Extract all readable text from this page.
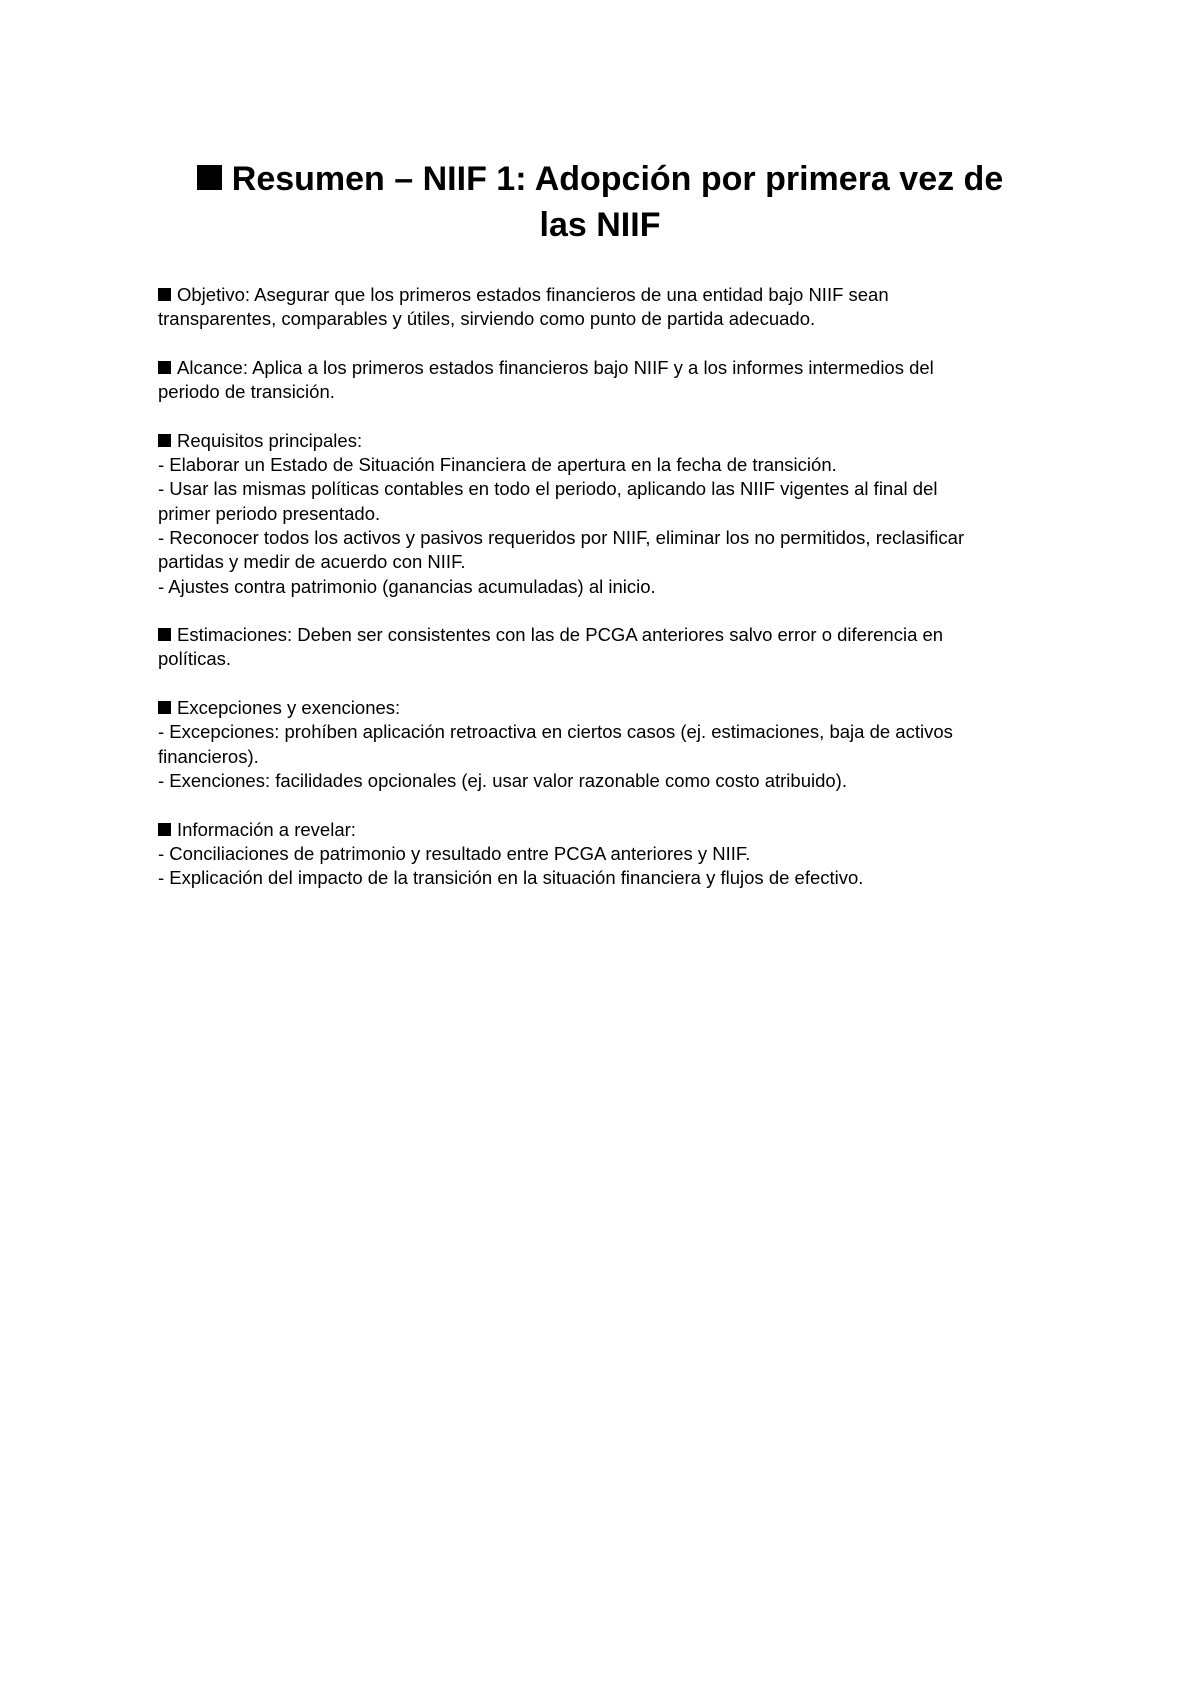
Resumen – NIIF 1: Adopción por primera vez de
las NIIF
Objetivo: Asegurar que los primeros estados financieros de una entidad bajo NIIF sean
transparentes, comparables y útiles, sirviendo como punto de partida adecuado.
Alcance: Aplica a los primeros estados financieros bajo NIIF y a los informes intermedios del
periodo de transición.
Requisitos principales:
- Elaborar un Estado de Situación Financiera de apertura en la fecha de transición.
- Usar las mismas políticas contables en todo el periodo, aplicando las NIIF vigentes al final del
primer periodo presentado.
- Reconocer todos los activos y pasivos requeridos por NIIF, eliminar los no permitidos, reclasificar
partidas y medir de acuerdo con NIIF.
- Ajustes contra patrimonio (ganancias acumuladas) al inicio.
Estimaciones: Deben ser consistentes con las de PCGA anteriores salvo error o diferencia en
políticas.
Excepciones y exenciones:
- Excepciones: prohíben aplicación retroactiva en ciertos casos (ej. estimaciones, baja de activos
financieros).
- Exenciones: facilidades opcionales (ej. usar valor razonable como costo atribuido).
Información a revelar:
- Conciliaciones de patrimonio y resultado entre PCGA anteriores y NIIF.
- Explicación del impacto de la transición en la situación financiera y flujos de efectivo.
